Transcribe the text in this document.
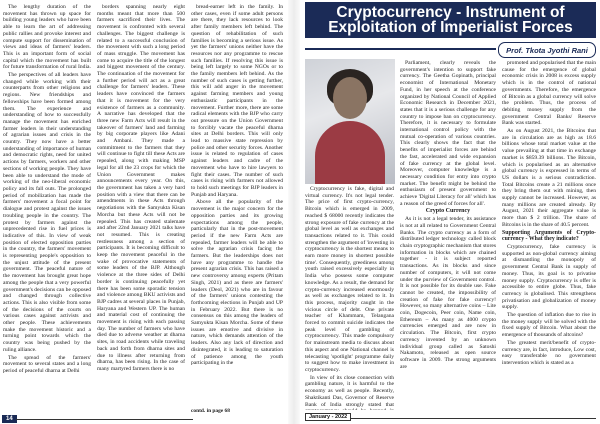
The lengthy duration of the movement has thrown up space for building young leaders who have been able to learn the art of addressing public rallies and provoke interest and compute support for dissemination of views and ideas of farmers' leaders. This is an important form of social capital which the movement has built for future transformation of rural India.

The perspectives of all leaders have changed while working with their counterparts from other religions and regions. New friendships and fellowships have been formed among them. The experience and understanding of how to successfully manage the movement has enriched farmer leaders in their understanding of agrarian issues and crisis in the country. They now have a better understanding of importance of human and democratic rights, need for united actions by farmers, workers and other sections of working people. They have been able to understand the mode of working of the neo-liberal economic policy and its fall outs. The prolonged period of mobilization has made the farmers' movement a focal point for dialogue and protest against the issues troubling people in the country. The protest by farmers against the unprecedented rise in fuel prices is indicative of this. In view of weak position of elected opposition parties in the country, the farmers' movement is representing people's opposition to the unjust attitude of the present government. The peaceful nature of the movement has brought great hope among the people that a very powerful government's decisions can be opposed and changed through collective actions. This is also visible from some of the decisions of the courts on various cases against activists and other people. These achievements make the movement historic and a turning point towards which the country was being pushed by the ruling alliance.

The spread of the farmers' movement to several states and a long period of peaceful dharna at Delhi

borders spanning nearly eight months meant that more than 500 farmers sacrificed their lives. The movement is confronted with several challenges. The biggest challenge is related to a successful conclusion of the movement with such a long period of mass struggle. The movement has come to acquire the title of the longest and biggest movement of the century. The continuation of the movement for a further period will act as a great challenge for farmers' leaders. These leaders have convinced the farmers that it is movement for the very existence of farmers as a community. A narrative has developed that the three new Farm Acts will result in the takeover of farmers' land and farming by big corporate players like Adani and Ambani. They made a commitment to the farmers that they will continue to fight till these Acts are repealed, along with making MSP legal for all the 23 crops for which the Union Government makes announcements every year. On this, the government has taken a very hard position with a view that there can be amendments in these Acts through negotiations with the Samyukta Kisan Morcha but these Acts will not be repealed. This has created stalemate and after 22nd January 2021 talks have not resumed. This is creating restlessness among a section of participants. It is becoming difficult to keep the movement peaceful in the wake of provocative statements of some leaders of the BJP. Although violence at the three sides of Delhi border is continuing peacefully yet there has been some sporadic tension and violence among BKU activists and BJP cadres at several places in Punjab, Haryana and Western UP. The human and material cost of continuing the movement is rising with each passing day. The number of farmers who have died due to adverse weather at dharna sites, in road accidents while traveling back and forth from dharna sites and due to illness after returning from dharna, has been rising. In the case of many martyred farmers there is no

bread-earner left in the family. In other cases, even if some adult persons are there, they lack resources to look after family members left behind. The question of rehabilitation of such families is becoming a serious issue. As yet the farmers' unions neither have the resources nor any programme to rescue such families. If resolving this issue is being left largely to some NGOs or to the family members left behind. As the number of such cases is getting further, this will add anger in the movement against farming members and young enthusiastic participants in the movement. Further more, there are some radical elements with the BJP who carry out pressure on the Union Government to forcibly vacate the peaceful dharna sites at Delhi borders. This will only lead to massive state repression by police and other security forces. Another issue is related to regulation of cases against leaders and cadre of the movement who have to hire lawyers to fight their cases. The number of such cases is rising with farmers not allowed to hold such meetings for BJP leaders in Punjab and Haryana.

Above all the popularity of the movement is the major concern for the opposition parties and its growing expectations among the people, particularly that in the post-movement period if the new Farm Acts are repealed, farmer leaders will be able to solve the agrarian crisis facing the farmers. But the leaderships does not have any programme to handle the present agrarian crisis. This has raised a new controversy among experts (Pritam Singh, 2021) and as there are farmers' leaders (Deol, 2021) who are in favour of the farmers' unions contesting the forthcoming elections in Punjab and UP in February 2022. But there is no consensus on this among the leaders of Samyukta Kisan Morcha. Some of these issues are emotive and divisive in nature, which demands attention of the leaders. Also any lack of direction and disintegrated, it is leading to saturation of patience among the youth participating in the

contd. in page 68
14
Cryptocurrency - Instrument of Exploitation of Imperialist Forces
Prof. Tkota Jyothi Rani

Cryptocurrency is fake, digital and virtual currency. It's not legal tender. The price of first crypto-currency, Bitcoin which is emerged in 2009, reached $ 68000 recently indicates the strong exposure of fake currency at the global level as well as exchanges and transactions related to it. This could strengthen the argument of 'investing in cryptocurrency is the shortest means to earn more money in shortest possible time'. Consequently, greediness among youth raised excessively especially in India who possess some computer knowledge. As a result, the demand for crypto-currency increased enormously as well as exchanges related to it. In this process, majority caught in the vicious circle of debt. One private teacher of Khammam, Telangana forced to commit suicide indicates the peak level of gambling of cryptocurrency. This made compulsory for mainstream media to discuss about this aspect and one National channel is telecasting 'spotlight' programme daily to suggest how to make investment in cryptocurrency.

In view of its close connection with gambling nature, it is harmful to the economy as well as people. Recently, Shaktikanti Das, Governor of Reserve Bank of India strongly stated that

Parliament, clearly reveals the government's intention to support fake currency. The Geetha Gopinath, principal economist of International Monetary Fund, in her speech at the conference organized by National Council of Applied Economic Research in December 2021, states that it is a serious challenge for any country to impose ban on cryptocurrency. Therefore, it is necessary to formulate international control policy with the mutual co-operation of various countries. This clearly shows the fact that the benefits of imperialist forces are behind the fast, accelerated and wide expansion of fake currency at the global level. Moreover, computer knowledge is a necessary condition for entry into crypto market. The benefit might be behind the enthusiasm of present government to achieve 'Digital Literacy for all' which has a reason of the greed of forces for all'.

Crypto Currency

As it is not a legal tender, its assistance is not at all related to Government Central Banks. The crypto currency as a form of distributed ledger technology called block chain cryptographic mechanism that stores information in blocks which are chained together - it is subject reported transactions. As its blocks and since number of computers, it will not come under the purview of Government control. It is not possible for its double use. Fake cannot be created, the impossibility of creation of fake for fake currency! However, so many alternative coins – Lite coin, Dogecoin, Peer coin, Name coin, Ethereum – As many as 4000 crypto currencies emerged and are now in circulation. The Bitcoin, first crypto currency invented by an unknown individual group called as Satoshi Nakamoto, released as open source software in 2009. The strong arguments are

promoted and popularised that the main cause for the emergence of global economic crisis in 2008 is excess supply which is in the control of national governments. Therefore, the emergence of Bitcoin as a global currency will solve the problem. Thus, the process of debiting money supply from the government Central Banks/ Reserve Bank was started.

As on August 2021, the Bitcoins that are in circulation are as high as 18.6 billions whose total market value at the value prevailing at that time in exchange market is $859.39 billions. The Bitcoin, which is popularised as an alternative global currency is expressed in terms of US dollars is a serious contradiction. Total Bitcoins create a 21 millions once they bring them out with mining, then supply cannot be increased. However, as many millions are created already. By August, 2021 their aggregate value is more than $ 2 trillion. The share of Bitcoins is in the share of 40.5 percent.

Supporting Arguments of Crypto-currency - What they indicate?

Cryptocurrency, fake currency is supported as non-global currency aiming at dismantling the monopoly of government Central Bank in supply of money. Thus, its goal is to privatise money supply. Cryptocurrency is offer is accessible to entire globe. Thus, fake currency is globalised. This strengthens privatisation and globalization of money supply.

The question of inflation due to rise in the money supply will be solved with the fixed supply of Bitcoin. What about the emergence of thousands of altcoins?

The greatest merit/benefit of crypto-currency are, in fact, introduce, Low cost, easy transferable no government intervention which is stated as a

January - 2022
